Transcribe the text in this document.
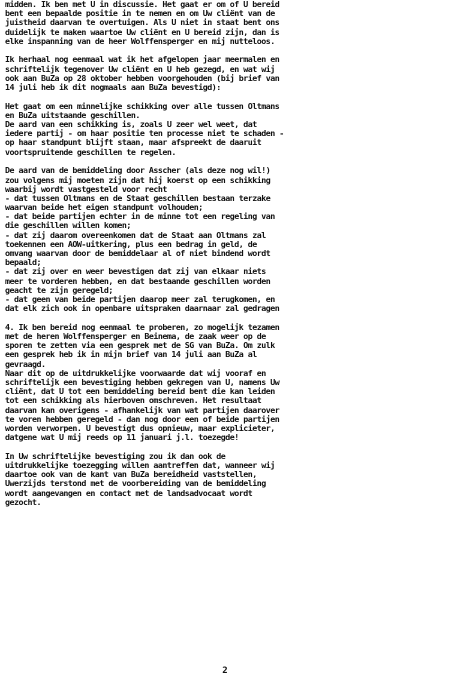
midden. Ik ben met U in discussie. Het gaat er om of U bereid
bent een bepaalde positie in te nemen en om Uw cliënt van de
juistheid daarvan te overtuigen. Als U niet in staat bent ons
duidelijk te maken waartoe Uw cliënt en U bereid zijn, dan is
elke inspanning van de heer Wolffensperger en mij nutteloos.
Ik herhaal nog eenmaal wat ik het afgelopen jaar meermalen en
schriftelijk tegenover Uw cliënt en U heb gezegd, en wat wij
ook aan BuZa op 28 oktober hebben voorgehouden (bij brief van
14 juli heb ik dit nogmaals aan BuZa bevestigd):
Het gaat om een minnelijke schikking over alle tussen Oltmans
en BuZa uitstaande geschillen.
De aard van een schikking is, zoals U zeer wel weet, dat
iedere partij - om haar positie ten processe niet te schaden -
op haar standpunt blijft staan, maar afspreekt de daaruit
voortspruitende geschillen te regelen.
De aard van de bemiddeling door Asscher (als deze nog wil!)
zou volgens mij moeten zijn dat hij koerst op een schikking
waarbij wordt vastgesteld voor recht
- dat tussen Oltmans en de Staat geschillen bestaan terzake
waarvan beide het eigen standpunt volhouden;
- dat beide partijen echter in de minne tot een regeling van
die geschillen willen komen;
- dat zij daarom overeenkomen dat de Staat aan Oltmans zal
toekennen een AOW-uitkering, plus een bedrag in geld, de
omvang waarvan door de bemiddelaar al of niet bindend wordt
bepaald;
- dat zij over en weer bevestigen dat zij van elkaar niets
meer te vorderen hebben, en dat bestaande geschillen worden
geacht te zijn geregeld;
- dat geen van beide partijen daarop meer zal terugkomen, en
dat elk zich ook in openbare uitspraken daarnaar zal gedragen
4. Ik ben bereid nog eenmaal te proberen, zo mogelijk tezamen
met de heren Wolffensperger en Beinema, de zaak weer op de
sporen te zetten via een gesprek met de SG van BuZa. Om zulk
een gesprek heb ik in mijn brief van 14 juli aan BuZa al
gevraagd.
Naar dit op de uitdrukkelijke voorwaarde dat wij vooraf en
schriftelijk een bevestiging hebben gekregen van U, namens Uw
cliënt, dat U tot een bemiddeling bereid bent die kan leiden
tot een schikking als hierboven omschreven. Het resultaat
daarvan kan overigens - afhankelijk van wat partijen daarover
te voren hebben geregeld - dan nog door een of beide partijen
worden verworpen. U bevestigt dus opnieuw, maar explicieter,
datgene wat U mij reeds op 11 januari j.l. toezegde!
In Uw schriftelijke bevestiging zou ik dan ook de
uitdrukkelijke toezegging willen aantreffen dat, wanneer wij
daartoe ook van de kant van BuZa bereidheid vaststellen,
Uwerzijds terstond met de voorbereiding van de bemiddeling
wordt aangevangen en contact met de landsadvocaat wordt
gezocht.
2
